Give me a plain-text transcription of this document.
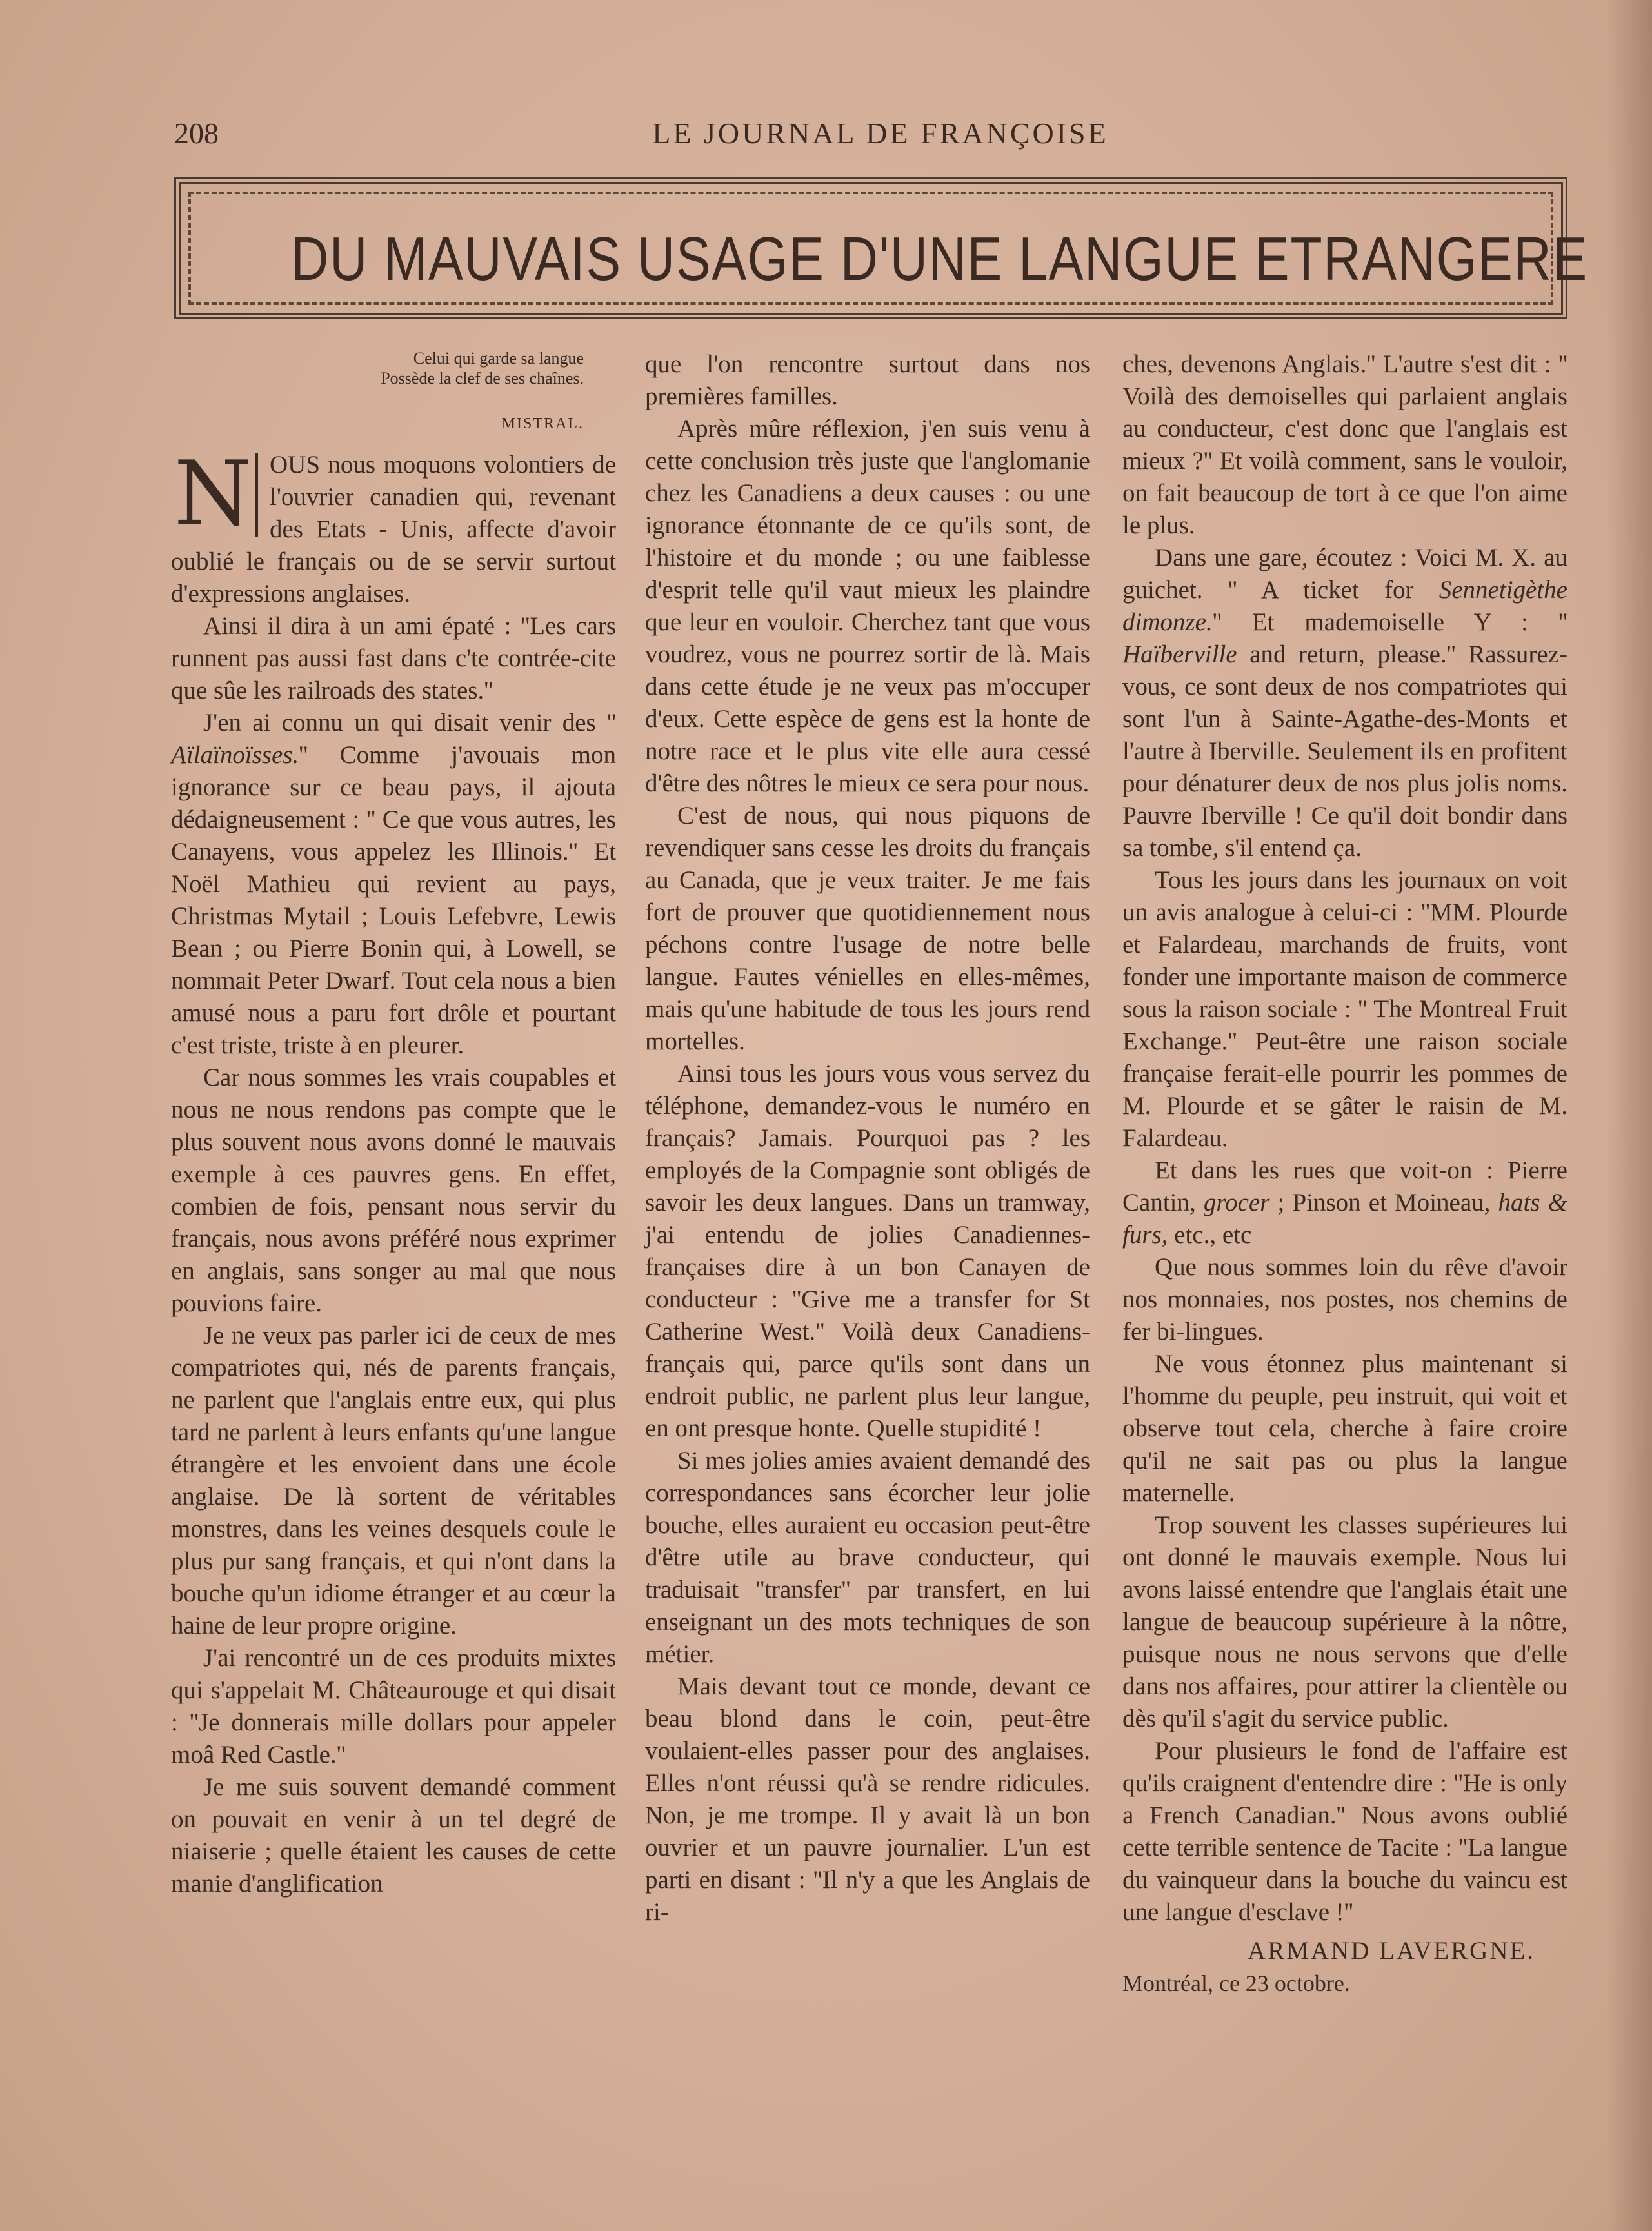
208	LE JOURNAL DE FRANÇOISE
DU MAUVAIS USAGE D'UNE LANGUE ETRANGERE
Celui qui garde sa langue
Possède la clef de ses chaînes.
MISTRAL.

N OUS nous moquons volontiers de l'ouvrier canadien qui, revenant des Etats - Unis, affecte d'avoir oublié le français ou de se servir surtout d'expressions anglaises.

Ainsi il dira à un ami épaté : ''Les cars runnent pas aussi fast dans c'te contrée-cite que sûe les railroads des states.''

J'en ai connu un qui disait venir des '' Aïlaïnoïsses.'' Comme j'avouais mon ignorance sur ce beau pays, il ajouta dédaigneusement : '' Ce que vous autres, les Canayens, vous appelez les Illinois.'' Et Noël Mathieu qui revient au pays, Christmas Mytail ; Louis Lefebvre, Lewis Bean ; ou Pierre Bonin qui, à Lowell, se nommait Peter Dwarf. Tout cela nous a bien amusé nous a paru fort drôle et pourtant c'est triste, triste à en pleurer.

Car nous sommes les vrais coupables et nous ne nous rendons pas compte que le plus souvent nous avons donné le mauvais exemple à ces pauvres gens. En effet, combien de fois, pensant nous servir du français, nous avons préféré nous exprimer en anglais, sans songer au mal que nous pouvions faire.

Je ne veux pas parler ici de ceux de mes compatriotes qui, nés de parents français, ne parlent que l'anglais entre eux, qui plus tard ne parlent à leurs enfants qu'une langue étrangère et les envoient dans une école anglaise. De là sortent de véritables monstres, dans les veines desquels coule le plus pur sang français, et qui n'ont dans la bouche qu'un idiome étranger et au cœur la haine de leur propre origine.

J'ai rencontré un de ces produits mixtes qui s'appelait M. Châteaurouge et qui disait : ''Je donnerais mille dollars pour appeler moâ Red Castle.''

Je me suis souvent demandé comment on pouvait en venir à un tel degré de niaiserie ; quelle étaient les causes de cette manie d'anglification

que l'on rencontre surtout dans nos premières familles.

Après mûre réflexion, j'en suis venu à cette conclusion très juste que l'anglomanie chez les Canadiens a deux causes : ou une ignorance étonnante de ce qu'ils sont, de l'histoire et du monde ; ou une faiblesse d'esprit telle qu'il vaut mieux les plaindre que leur en vouloir. Cherchez tant que vous voudrez, vous ne pourrez sortir de là. Mais dans cette étude je ne veux pas m'occuper d'eux. Cette espèce de gens est la honte de notre race et le plus vite elle aura cessé d'être des nôtres le mieux ce sera pour nous.

C'est de nous, qui nous piquons de revendiquer sans cesse les droits du français au Canada, que je veux traiter. Je me fais fort de prouver que quotidiennement nous péchons contre l'usage de notre belle langue. Fautes vénielles en elles-mêmes, mais qu'une habitude de tous les jours rend mortelles.

Ainsi tous les jours vous vous servez du téléphone, demandez-vous le numéro en français? Jamais. Pourquoi pas ? les employés de la Compagnie sont obligés de savoir les deux langues. Dans un tramway, j'ai entendu de jolies Canadiennes-françaises dire à un bon Canayen de conducteur : ''Give me a transfer for St Catherine West.'' Voilà deux Canadiens-français qui, parce qu'ils sont dans un endroit public, ne parlent plus leur langue, en ont presque honte. Quelle stupidité !

Si mes jolies amies avaient demandé des correspondances sans écorcher leur jolie bouche, elles auraient eu occasion peut-être d'être utile au brave conducteur, qui traduisait ''transfer'' par transfert, en lui enseignant un des mots techniques de son métier.

Mais devant tout ce monde, devant ce beau blond dans le coin, peut-être voulaient-elles passer pour des anglaises. Elles n'ont réussi qu'à se rendre ridicules. Non, je me trompe. Il y avait là un bon ouvrier et un pauvre journalier. L'un est parti en disant : ''Il n'y a que les Anglais de ri-

ches, devenons Anglais.'' L'autre s'est dit : '' Voilà des demoiselles qui parlaient anglais au conducteur, c'est donc que l'anglais est mieux ?'' Et voilà comment, sans le vouloir, on fait beaucoup de tort à ce que l'on aime le plus.

Dans une gare, écoutez : Voici M. X. au guichet. '' A ticket for Sennetigèthe dimonze.'' Et mademoiselle Y : '' Haïberville and return, please.'' Rassurez-vous, ce sont deux de nos compatriotes qui sont l'un à Sainte-Agathe-des-Monts et l'autre à Iberville. Seulement ils en profitent pour dénaturer deux de nos plus jolis noms. Pauvre Iberville ! Ce qu'il doit bondir dans sa tombe, s'il entend ça.

Tous les jours dans les journaux on voit un avis analogue à celui-ci : ''MM. Plourde et Falardeau, marchands de fruits, vont fonder une importante maison de commerce sous la raison sociale : '' The Montreal Fruit Exchange.'' Peut-être une raison sociale française ferait-elle pourrir les pommes de M. Plourde et se gâter le raisin de M. Falardeau.

Et dans les rues que voit-on : Pierre Cantin, grocer ; Pinson et Moineau, hats & furs, etc., etc

Que nous sommes loin du rêve d'avoir nos monnaies, nos postes, nos chemins de fer bi-lingues.

Ne vous étonnez plus maintenant si l'homme du peuple, peu instruit, qui voit et observe tout cela, cherche à faire croire qu'il ne sait pas ou plus la langue maternelle.

Trop souvent les classes supérieures lui ont donné le mauvais exemple. Nous lui avons laissé entendre que l'anglais était une langue de beaucoup supérieure à la nôtre, puisque nous ne nous servons que d'elle dans nos affaires, pour attirer la clientèle ou dès qu'il s'agit du service public.

Pour plusieurs le fond de l'affaire est qu'ils craignent d'entendre dire : ''He is only a French Canadian.'' Nous avons oublié cette terrible sentence de Tacite : ''La langue du vainqueur dans la bouche du vaincu est une langue d'esclave !''

ARMAND LAVERGNE.

Montréal, ce 23 octobre.
